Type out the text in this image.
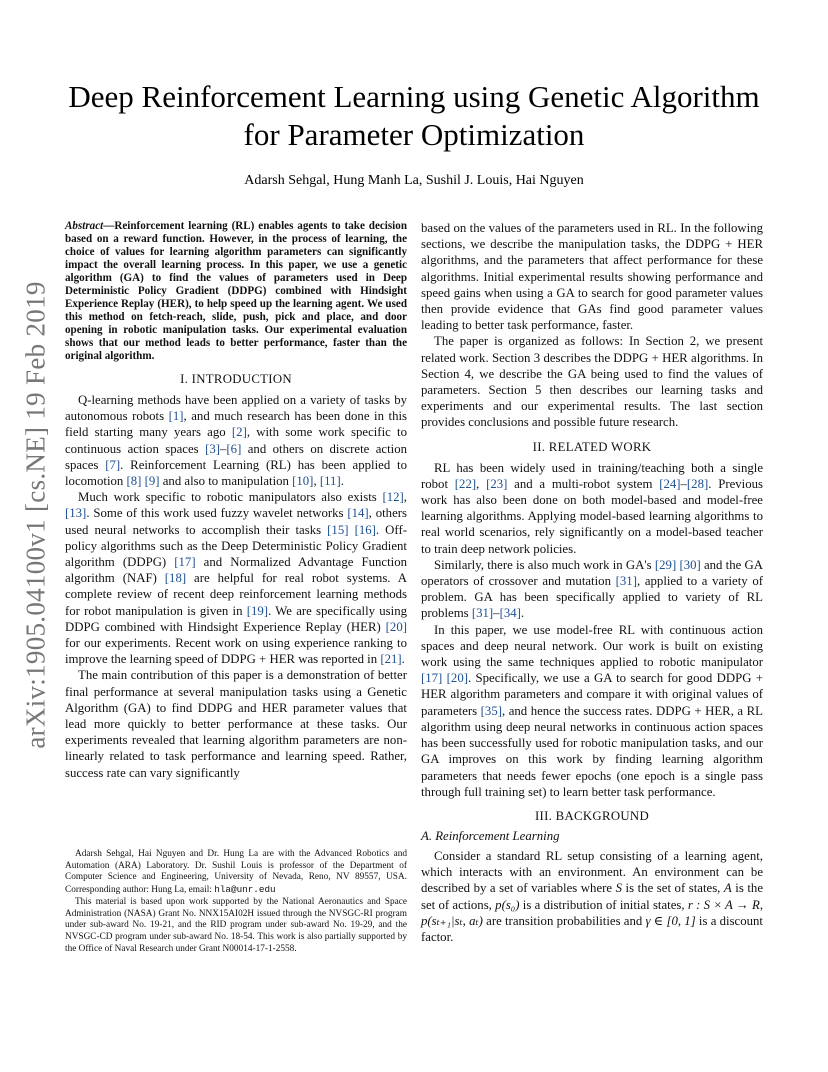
arXiv:1905.04100v1 [cs.NE] 19 Feb 2019
Deep Reinforcement Learning using Genetic Algorithm for Parameter Optimization
Adarsh Sehgal, Hung Manh La, Sushil J. Louis, Hai Nguyen

Abstract—Reinforcement learning (RL) enables agents to take decision based on a reward function. However, in the process of learning, the choice of values for learning algorithm parameters can significantly impact the overall learning process. In this paper, we use a genetic algorithm (GA) to find the values of parameters used in Deep Deterministic Policy Gradient (DDPG) combined with Hindsight Experience Replay (HER), to help speed up the learning agent. We used this method on fetch-reach, slide, push, pick and place, and door opening in robotic manipulation tasks. Our experimental evaluation shows that our method leads to better performance, faster than the original algorithm.

I. INTRODUCTION

Q-learning methods have been applied on a variety of tasks by autonomous robots [1], and much research has been done in this field starting many years ago [2], with some work specific to continuous action spaces [3]–[6] and others on discrete action spaces [7]. Reinforcement Learning (RL) has been applied to locomotion [8] [9] and also to manipulation [10], [11].

Much work specific to robotic manipulators also exists [12], [13]. Some of this work used fuzzy wavelet networks [14], others used neural networks to accomplish their tasks [15] [16]. Off-policy algorithms such as the Deep Deterministic Policy Gradient algorithm (DDPG) [17] and Normalized Advantage Function algorithm (NAF) [18] are helpful for real robot systems. A complete review of recent deep reinforcement learning methods for robot manipulation is given in [19]. We are specifically using DDPG combined with Hindsight Experience Replay (HER) [20] for our experiments. Recent work on using experience ranking to improve the learning speed of DDPG + HER was reported in [21].

The main contribution of this paper is a demonstration of better final performance at several manipulation tasks using a Genetic Algorithm (GA) to find DDPG and HER parameter values that lead more quickly to better performance at these tasks. Our experiments revealed that learning algorithm parameters are non-linearly related to task performance and learning speed. Rather, success rate can vary significantly

based on the values of the parameters used in RL. In the following sections, we describe the manipulation tasks, the DDPG + HER algorithms, and the parameters that affect performance for these algorithms. Initial experimental results showing performance and speed gains when using a GA to search for good parameter values then provide evidence that GAs find good parameter values leading to better task performance, faster.

The paper is organized as follows: In Section 2, we present related work. Section 3 describes the DDPG + HER algorithms. In Section 4, we describe the GA being used to find the values of parameters. Section 5 then describes our learning tasks and experiments and our experimental results. The last section provides conclusions and possible future research.

II. RELATED WORK

RL has been widely used in training/teaching both a single robot [22], [23] and a multi-robot system [24]–[28]. Previous work has also been done on both model-based and model-free learning algorithms. Applying model-based learning algorithms to real world scenarios, rely significantly on a model-based teacher to train deep network policies.

Similarly, there is also much work in GA's [29] [30] and the GA operators of crossover and mutation [31], applied to a variety of problem. GA has been specifically applied to variety of RL problems [31]–[34].

In this paper, we use model-free RL with continuous action spaces and deep neural network. Our work is built on existing work using the same techniques applied to robotic manipulator [17] [20]. Specifically, we use a GA to search for good DDPG + HER algorithm parameters and compare it with original values of parameters [35], and hence the success rates. DDPG + HER, a RL algorithm using deep neural networks in continuous action spaces has been successfully used for robotic manipulation tasks, and our GA improves on this work by finding learning algorithm parameters that needs fewer epochs (one epoch is a single pass through full training set) to learn better task performance.

III. BACKGROUND
A. Reinforcement Learning

Consider a standard RL setup consisting of a learning agent, which interacts with an environment. An environment can be described by a set of variables where S is the set of states, A is the set of actions, p(s₀) is a distribution of initial states, r : S × A → R, p(sₜ₊₁|sₜ, aₜ) are transition probabilities and γ ∈ [0, 1] is a discount factor.

Adarsh Sehgal, Hai Nguyen and Dr. Hung La are with the Advanced Robotics and Automation (ARA) Laboratory. Dr. Sushil Louis is professor of the Department of Computer Science and Engineering, University of Nevada, Reno, NV 89557, USA. Corresponding author: Hung La, email: hla@unr.edu

This material is based upon work supported by the National Aeronautics and Space Administration (NASA) Grant No. NNX15AI02H issued through the NVSGC-RI program under sub-award No. 19-21, and the RID program under sub-award No. 19-29, and the NVSGC-CD program under sub-award No. 18-54. This work is also partially supported by the Office of Naval Research under Grant N00014-17-1-2558.
